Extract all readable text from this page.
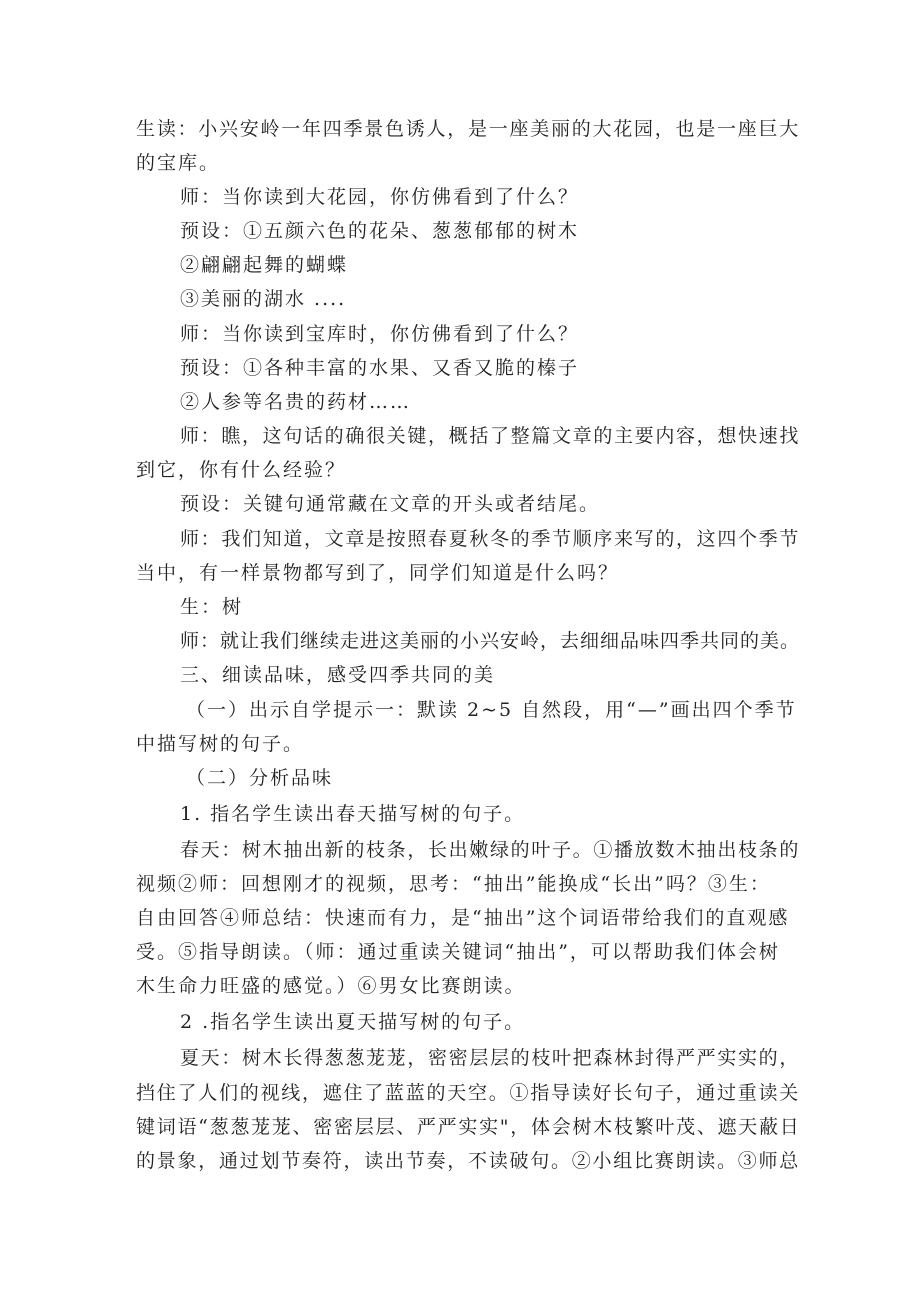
生读：小兴安岭一年四季景色诱人，是一座美丽的大花园，也是一座巨大
的宝库。
师：当你读到大花园，你仿佛看到了什么？
预设：①五颜六色的花朵、葱葱郁郁的树木
②翩翩起舞的蝴蝶
③美丽的湖水 ....
师：当你读到宝库时，你仿佛看到了什么？
预设：①各种丰富的水果、又香又脆的榛子
②人参等名贵的药材……
师：瞧，这句话的确很关键，概括了整篇文章的主要内容，想快速找
到它，你有什么经验？
预设：关键句通常藏在文章的开头或者结尾。
师：我们知道，文章是按照春夏秋冬的季节顺序来写的，这四个季节
当中，有一样景物都写到了，同学们知道是什么吗？
生：树
师：就让我们继续走进这美丽的小兴安岭，去细细品味四季共同的美。
三、细读品味，感受四季共同的美
（一）出示自学提示一：默读 2~5 自然段，用“—”画出四个季节
中描写树的句子。
（二）分析品味
1. 指名学生读出春天描写树的句子。
春天：树木抽出新的枝条，长出嫩绿的叶子。①播放数木抽出枝条的
视频②师：回想刚才的视频，思考：“抽出”能换成“长出”吗？③生：
自由回答④师总结：快速而有力，是“抽出”这个词语带给我们的直观感
受。⑤指导朗读。（师：通过重读关键词“抽出”，可以帮助我们体会树
木生命力旺盛的感觉。）⑥男女比赛朗读。
2 .指名学生读出夏天描写树的句子。
夏天：树木长得葱葱茏茏，密密层层的枝叶把森林封得严严实实的，
挡住了人们的视线，遮住了蓝蓝的天空。①指导读好长句子，通过重读关
键词语“葱葱茏茏、密密层层、严严实实"，体会树木枝繁叶茂、遮天蔽日
的景象，通过划节奏符，读出节奏，不读破句。②小组比赛朗读。③师总
